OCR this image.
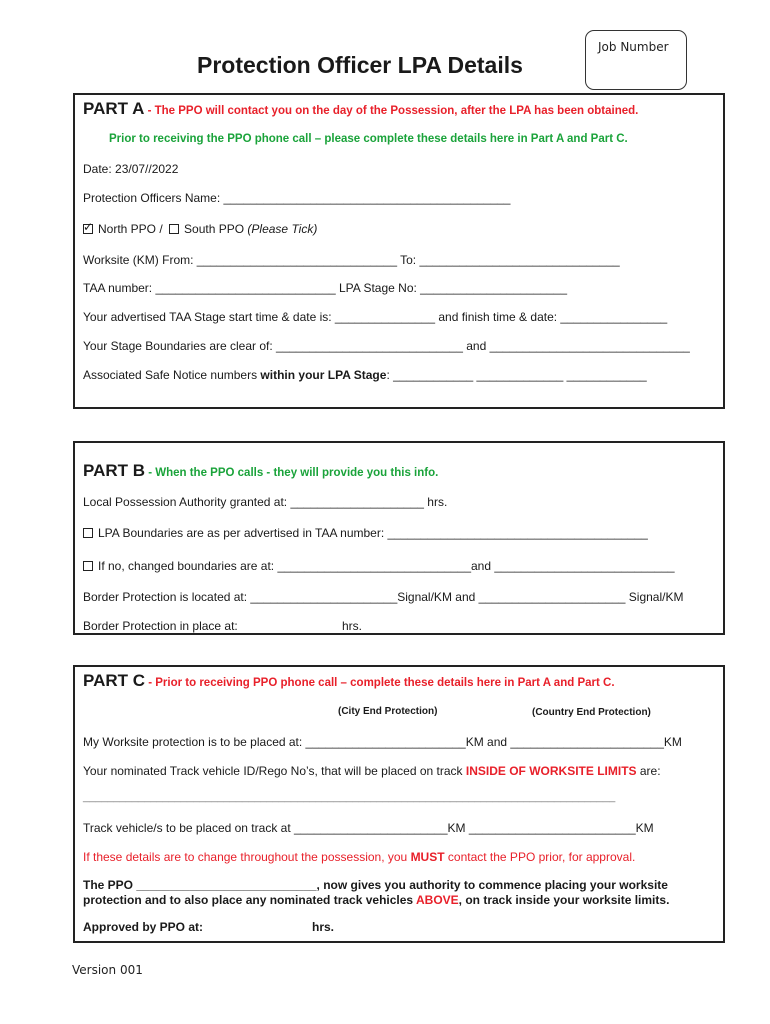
Protection Officer LPA Details
Job Number
PART A - The PPO will contact you on the day of the Possession, after the LPA has been obtained.
Prior to receiving the PPO phone call – please complete these details here in Part A and Part C.
Date: 23/07//2022
Protection Officers Name: ___________________________________________
✓North PPO / South PPO (Please Tick)
Worksite (KM) From: ______________________________ To: ______________________________
TAA number: ___________________________ LPA Stage No: ______________________
Your advertised TAA Stage start time & date is: _______________ and finish time & date: ________________
Your Stage Boundaries are clear of: ____________________________ and ______________________________
Associated Safe Notice numbers within your LPA Stage: ____________ _____________ ____________
PART B - When the PPO calls - they will provide you this info.
Local Possession Authority granted at: ____________________ hrs.
LPA Boundaries are as per advertised in TAA number: _______________________________________
If no, changed boundaries are at: _____________________________and ___________________________
Border Protection is located at: ______________________Signal/KM and ______________________ Signal/KM
Border Protection in place at:	hrs.
PART C - Prior to receiving PPO phone call – complete these details here in Part A and Part C.
(City End Protection)	(Country End Protection)
My Worksite protection is to be placed at: ________________________KM and _______________________KM
Your nominated Track vehicle ID/Rego No’s, that will be placed on track INSIDE OF WORKSITE LIMITS are:
_______________________________________________________________________________________
Track vehicle/s to be placed on track at _______________________KM _________________________KM
If these details are to change throughout the possession, you MUST contact the PPO prior, for approval.
The PPO ___________________________, now gives you authority to commence placing your worksite
protection and to also place any nominated track vehicles ABOVE, on track inside your worksite limits.
Approved by PPO at:	hrs.
Version 001
